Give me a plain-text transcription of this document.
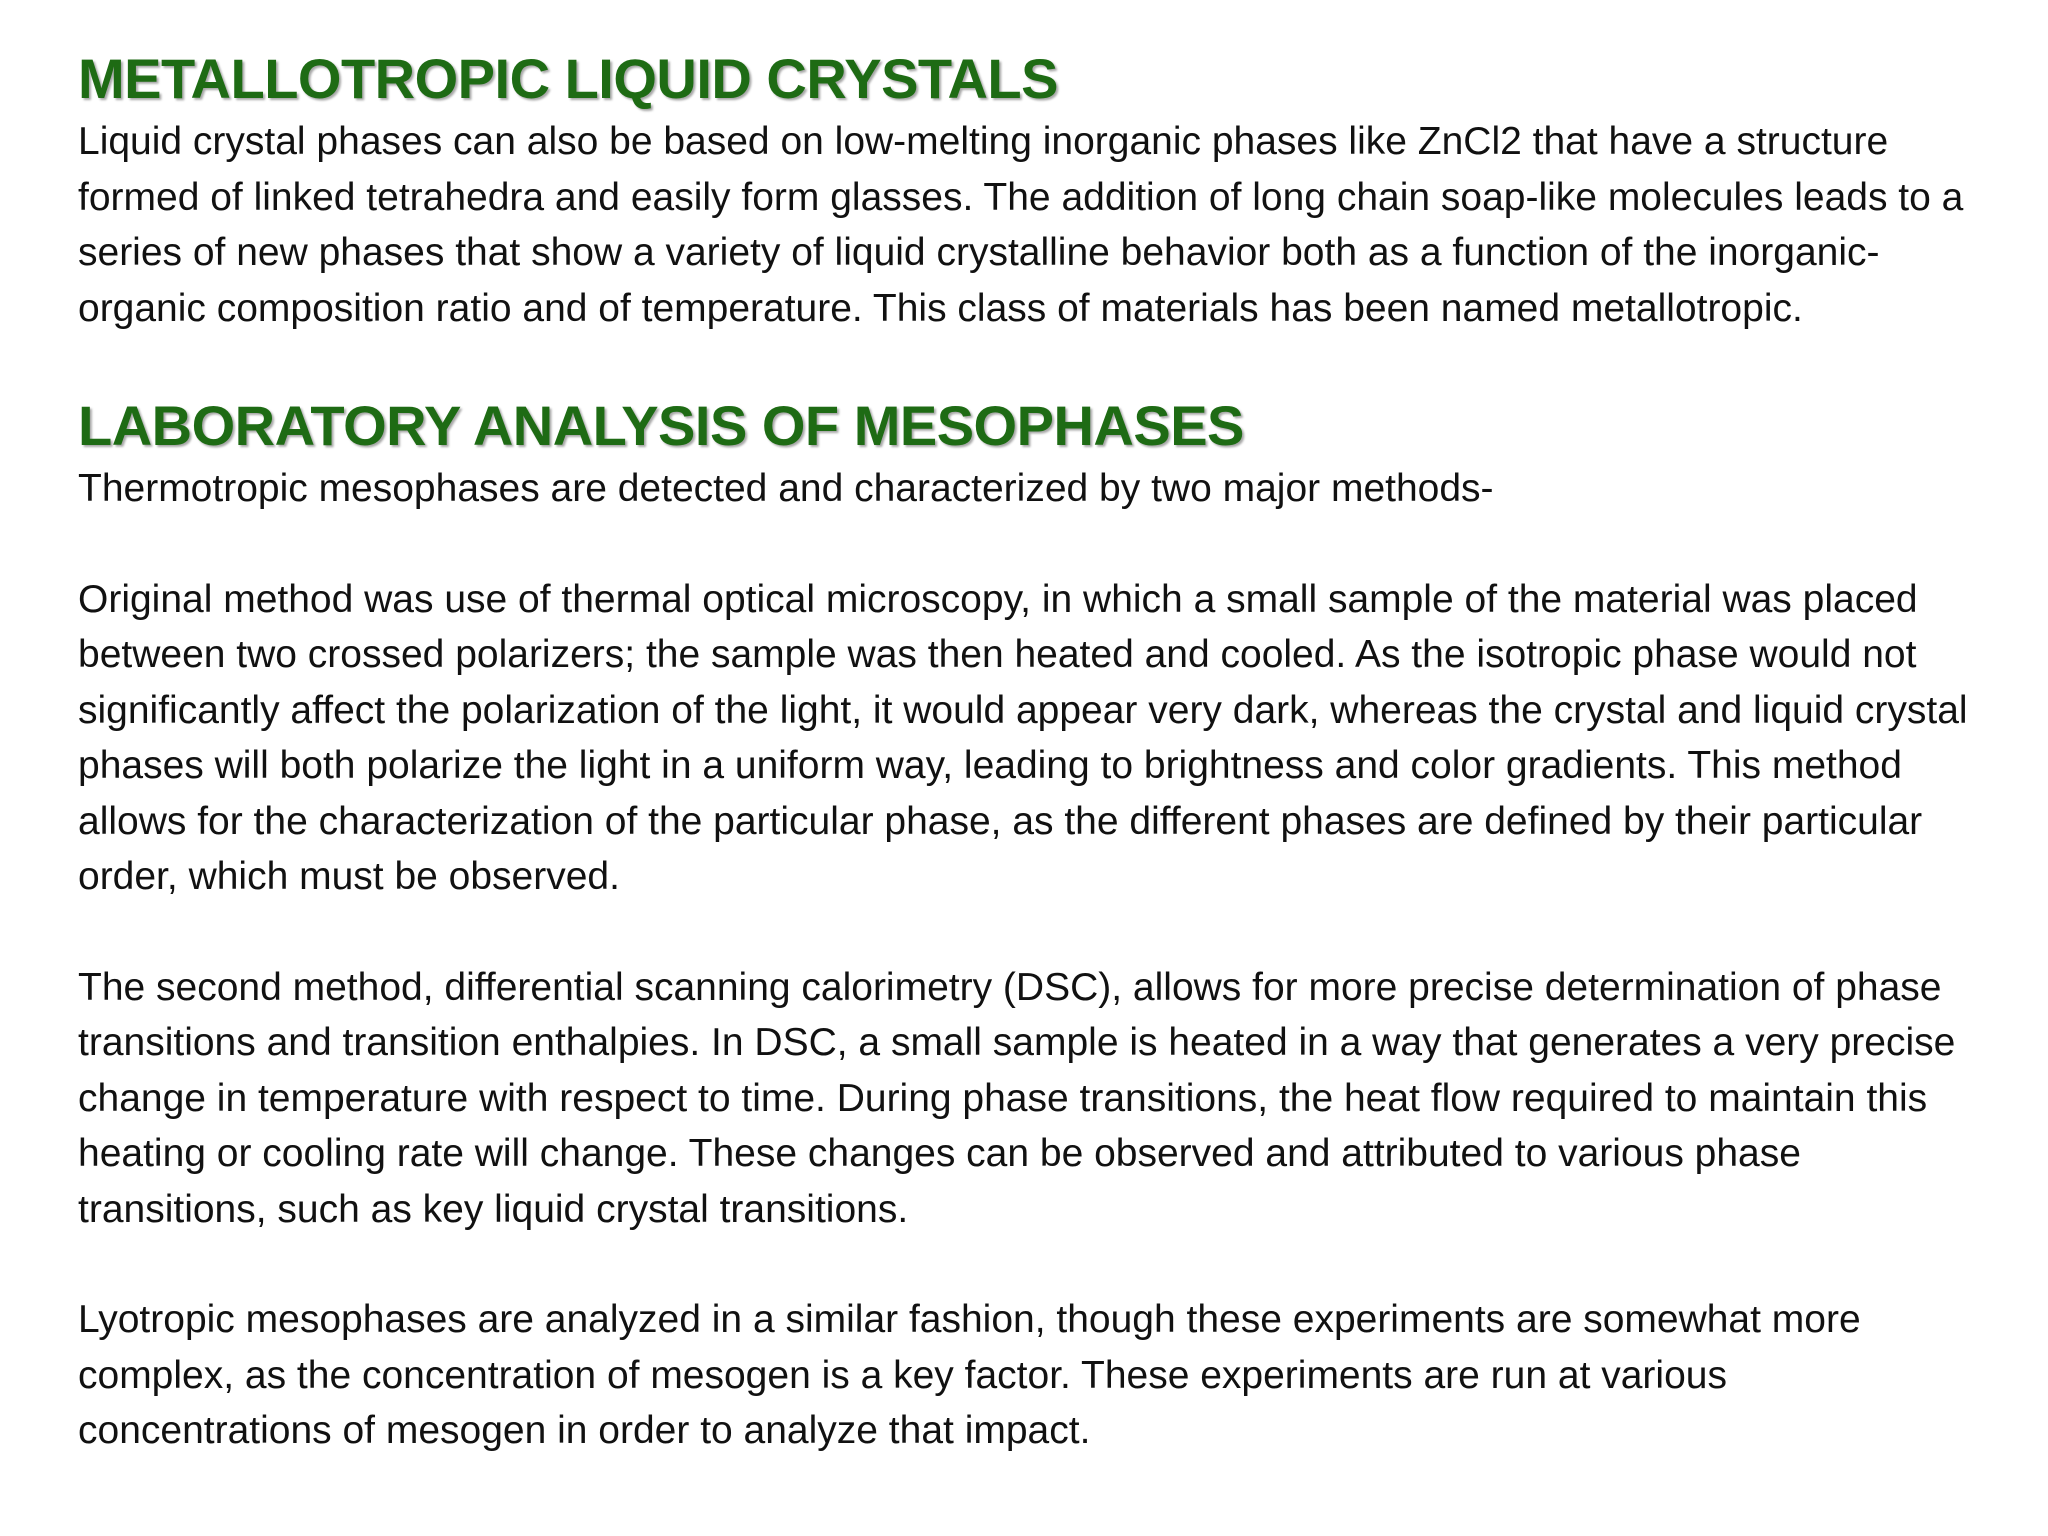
METALLOTROPIC LIQUID CRYSTALS

Liquid crystal phases can also be based on low-melting inorganic phases like ZnCl2 that have a structure formed of linked tetrahedra and easily form glasses. The addition of long chain soap-like molecules leads to a series of new phases that show a variety of liquid crystalline behavior both as a function of the inorganic-organic composition ratio and of temperature. This class of materials has been named metallotropic.

LABORATORY ANALYSIS OF MESOPHASES

Thermotropic mesophases are detected and characterized by two major methods-

Original method was use of thermal optical microscopy, in which a small sample of the material was placed between two crossed polarizers; the sample was then heated and cooled. As the isotropic phase would not significantly affect the polarization of the light, it would appear very dark, whereas the crystal and liquid crystal phases will both polarize the light in a uniform way, leading to brightness and color gradients. This method allows for the characterization of the particular phase, as the different phases are defined by their particular order, which must be observed.

The second method, differential scanning calorimetry (DSC), allows for more precise determination of phase transitions and transition enthalpies. In DSC, a small sample is heated in a way that generates a very precise change in temperature with respect to time. During phase transitions, the heat flow required to maintain this heating or cooling rate will change. These changes can be observed and attributed to various phase transitions, such as key liquid crystal transitions.

Lyotropic mesophases are analyzed in a similar fashion, though these experiments are somewhat more complex, as the concentration of mesogen is a key factor. These experiments are run at various concentrations of mesogen in order to analyze that impact.
